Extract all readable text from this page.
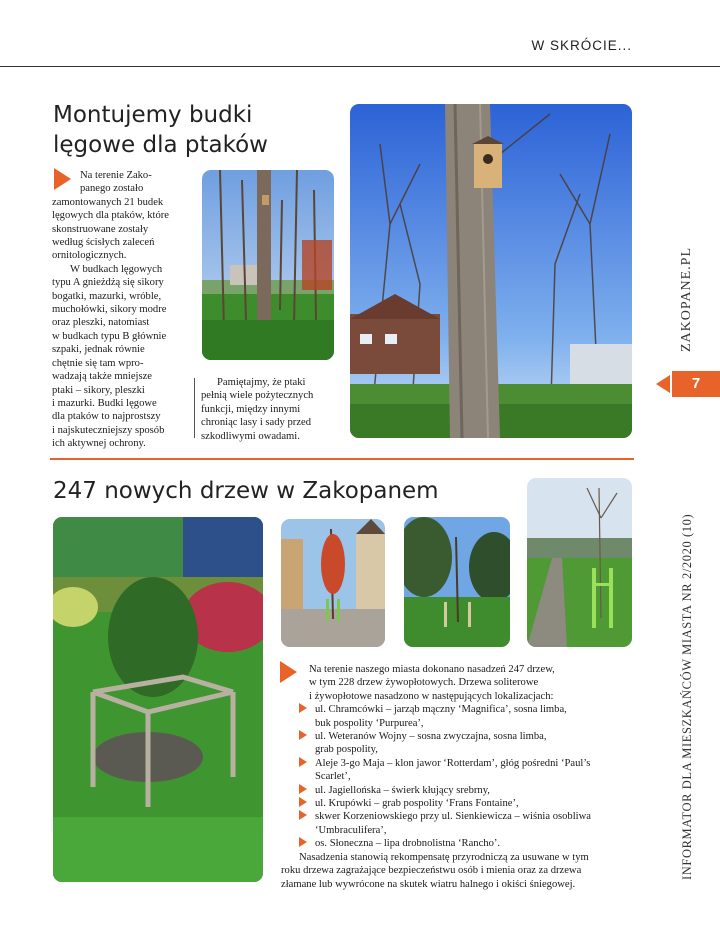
W SKRÓCIE...
ZAKOPANE.PL
7
INFORMATOR DLA MIESZKAŃCÓW MIASTA NR 2/2020 (10)
Montujemy budki
lęgowe dla ptaków
Na terenie Zako-
panego zostało
zamontowanych 21 budek
lęgowych dla ptaków, które
skonstruowane zostały
według ścisłych zaleceń
ornitologicznych.
W budkach lęgowych
typu A gnieżdżą się sikory
bogatki, mazurki, wróble,
muchołówki, sikory modre
oraz pleszki, natomiast
w budkach typu B głównie
szpaki, jednak równie
chętnie się tam wpro-
wadzają także mniejsze
ptaki – sikory, pleszki
i mazurki. Budki lęgowe
dla ptaków to najprostszy
i najskuteczniejszy sposób
ich aktywnej ochrony.
Pamiętajmy, że ptaki
pełnią wiele pożytecznych
funkcji, między innymi
chroniąc lasy i sady przed
szkodliwymi owadami.
247 nowych drzew w Zakopanem
Na terenie naszego miasta dokonano nasadzeń 247 drzew,
w tym 228 drzew żywopłotowych. Drzewa soliterowe
i żywopłotowe nasadzono w następujących lokalizacjach:
ul. Chramcówki – jarząb mączny ‘Magnifica’, sosna limba,
buk pospolity ‘Purpurea’,
ul. Weteranów Wojny – sosna zwyczajna, sosna limba,
grab pospolity,
Aleje 3-go Maja – klon jawor ‘Rotterdam’, głóg pośredni ‘Paul’s
Scarlet’,
ul. Jagiellońska – świerk kłujący srebrny,
ul. Krupówki – grab pospolity ‘Frans Fontaine’,
skwer Korzeniowskiego przy ul. Sienkiewicza – wiśnia osobliwa
‘Umbraculifera’,
os. Słoneczna – lipa drobnolistna ‘Rancho’.
Nasadzenia stanowią rekompensatę przyrodniczą za usuwane w tym
roku drzewa zagrażające bezpieczeństwu osób i mienia oraz za drzewa
złamane lub wywrócone na skutek wiatru halnego i okiści śniegowej.
